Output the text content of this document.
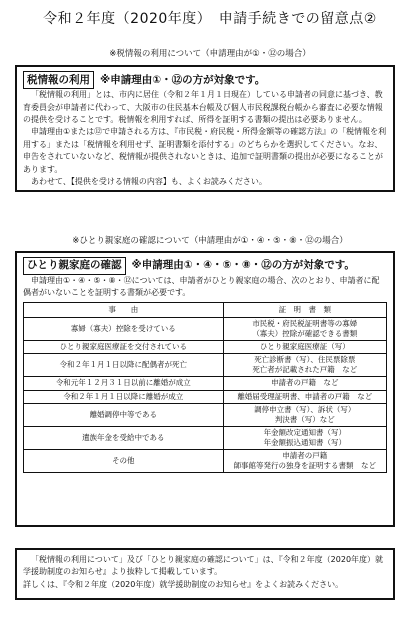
令和２年度（2020年度）　申請手続きでの留意点②
※税情報の利用について（申請理由が①・⑫の場合）
税情報の利用 ※申請理由①・⑫の方が対象です。

「税情報の利用」とは、市内に居住（令和２年１月１日現在）している申請者の同意に基づき、教育委員会が申請者に代わって、大阪市の住民基本台帳及び個人市民税課税台帳から審査に必要な情報の提供を受けることです。税情報を利用すれば、所得を証明する書類の提出は必要ありません。

申請理由①または⑫で申請される方は、『市民税・府民税・所得金額等の確認方法』の「税情報を利用する」または「税情報を利用せず、証明書類を添付する」のどちらかを選択してください。なお、申告をされていないなど、税情報が提供されないときは、追加で証明書類の提出が必要になることがあります。

あわせて、【提供を受ける情報の内容】も、よくお読みください。

※ひとり親家庭の確認について（申請理由が①・④・⑤・⑧・⑫の場合）
ひとり親家庭の確認 ※申請理由①・④・⑤・⑧・⑫の方が対象です。

申請理由①・④・⑤・⑧・⑫については、申請者がひとり親家庭の場合、次のとおり、申請者に配偶者がいないことを証明する書類が必要です。

事　　由	証　明　書　類
寡婦（寡夫）控除を受けている	市民税・府民税証明書等の寡婦
（寡夫）控除が確認できる書類

ひとり親家庭医療証を交付されている	ひとり親家庭医療証（写）

令和２年１月１日以降に配偶者が死亡	死亡診断書（写）、住民票除票
死亡者が記載された戸籍　など

令和元年１２月３１日以前に離婚が成立	申請者の戸籍　など

令和２年１月１日以降に離婚が成立	離婚届受理証明書、申請者の戸籍　など

離婚調停中等である	調停申立書（写）、訴状（写）
判決書（写）など

遺族年金を受給中である	年金額改定通知書（写）
年金額振込通知書（写）

その他	申請者の戸籍
師事館等発行の独身を証明する書類　など

「税情報の利用について」及び「ひとり親家庭の確認について」は、『令和２年度（2020年度）就学援助制度のお知らせ』より抜粋して掲載しています。

詳しくは、『令和２年度（2020年度）就学援助制度のお知らせ』をよくお読みください。
